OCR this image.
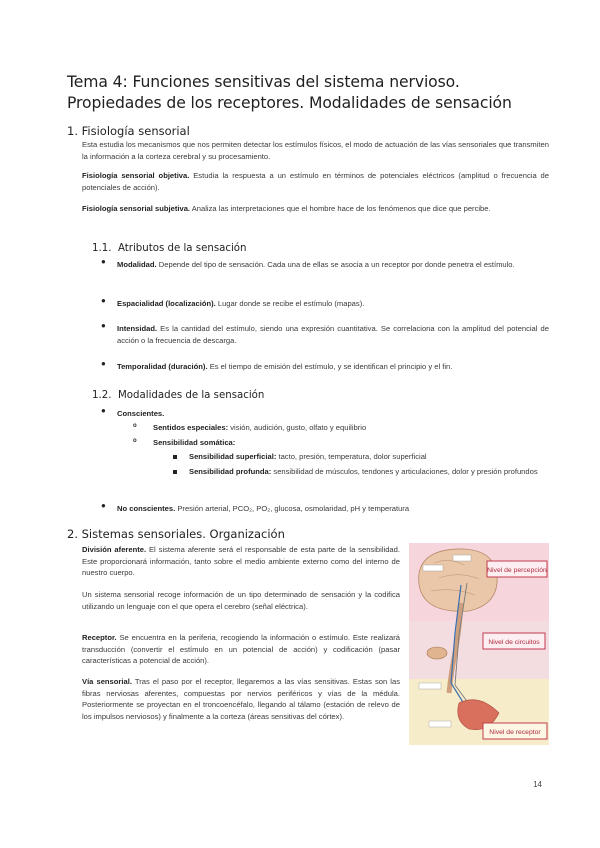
Tema 4: Funciones sensitivas del sistema nervioso. Propiedades de los receptores. Modalidades de sensación
1. Fisiología sensorial

Esta estudia los mecanismos que nos permiten detectar los estímulos físicos, el modo de actuación de las vías sensoriales que transmiten la información a la corteza cerebral y su procesamiento.

Fisiología sensorial objetiva. Estudia la respuesta a un estímulo en términos de potenciales eléctricos (amplitud o frecuencia de potenciales de acción).

Fisiología sensorial subjetiva. Analiza las interpretaciones que el hombre hace de los fenómenos que dice que percibe.

1.1. Atributos de la sensación
● Modalidad. Depende del tipo de sensación. Cada una de ellas se asocia a un receptor por donde penetra el estímulo.

● Espacialidad (localización). Lugar donde se recibe el estímulo (mapas).

● Intensidad. Es la cantidad del estímulo, siendo una expresión cuantitativa. Se correlaciona con la amplitud del potencial de acción o la frecuencia de descarga.

● Temporalidad (duración). Es el tiempo de emisión del estímulo, y se identifican el principio y el fin.

1.2. Modalidades de la sensación
● Conscientes.

o Sentidos especiales: visión, audición, gusto, olfato y equilibrio

o Sensibilidad somática:

Sensibilidad superficial: tacto, presión, temperatura, dolor superficial

Sensibilidad profunda: sensibilidad de músculos, tendones y articulaciones, dolor y presión profundos

● No conscientes. Presión arterial, PCO₂, PO₂, glucosa, osmolaridad, pH y temperatura

2. Sistemas sensoriales. Organización

División aferente. El sistema aferente será el responsable de esta parte de la sensibilidad. Este proporcionará información, tanto sobre el medio ambiente externo como del interno de nuestro cuerpo.

Un sistema sensorial recoge información de un tipo determinado de sensación y la codifica utilizando un lenguaje con el que opera el cerebro (señal eléctrica).

Receptor. Se encuentra en la periferia, recogiendo la información o estímulo. Este realizará transducción (convertir el estímulo en un potencial de acción) y codificación (pasar características a potencial de acción).

Vía sensorial. Tras el paso por el receptor, llegaremos a las vías sensitivas. Estas son las fibras nerviosas aferentes, compuestas por nervios periféricos y vías de la médula. Posteriormente se proyectan en el troncoencéfalo, llegando al tálamo (estación de relevo de los impulsos nerviosos) y finalmente a la corteza (áreas sensitivas del córtex).

Nivel de percepción
Nivel de circuitos
Nivel de receptor
14
